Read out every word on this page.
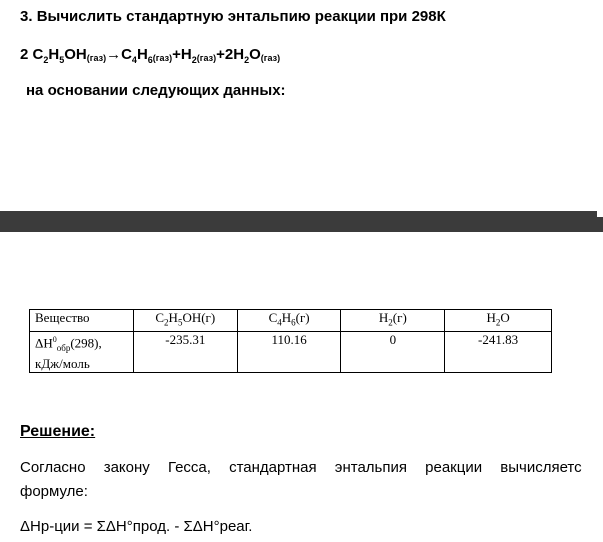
3. Вычислить стандартную энтальпию реакции при 298К
2 $C_2H_5OH(газ)\to C_4H_6(газ)+H_2(газ)+2H_2O(газ)$
на основании следующих данных:
Вещество	$C_2H_5OH(г)$	$C_4H_6(г)$	$H_2(г)$	$H_2O$
$\Delta H^0_{обр}(298)$,
кДж/моль	-235.31	110.16	0	-241.83
Решение:
Согласно закону Гесса, стандартная энтальпия реакции вычисляетс
формуле:
ΔНр-ции = ΣΔН°прод. - ΣΔН°реаг.
